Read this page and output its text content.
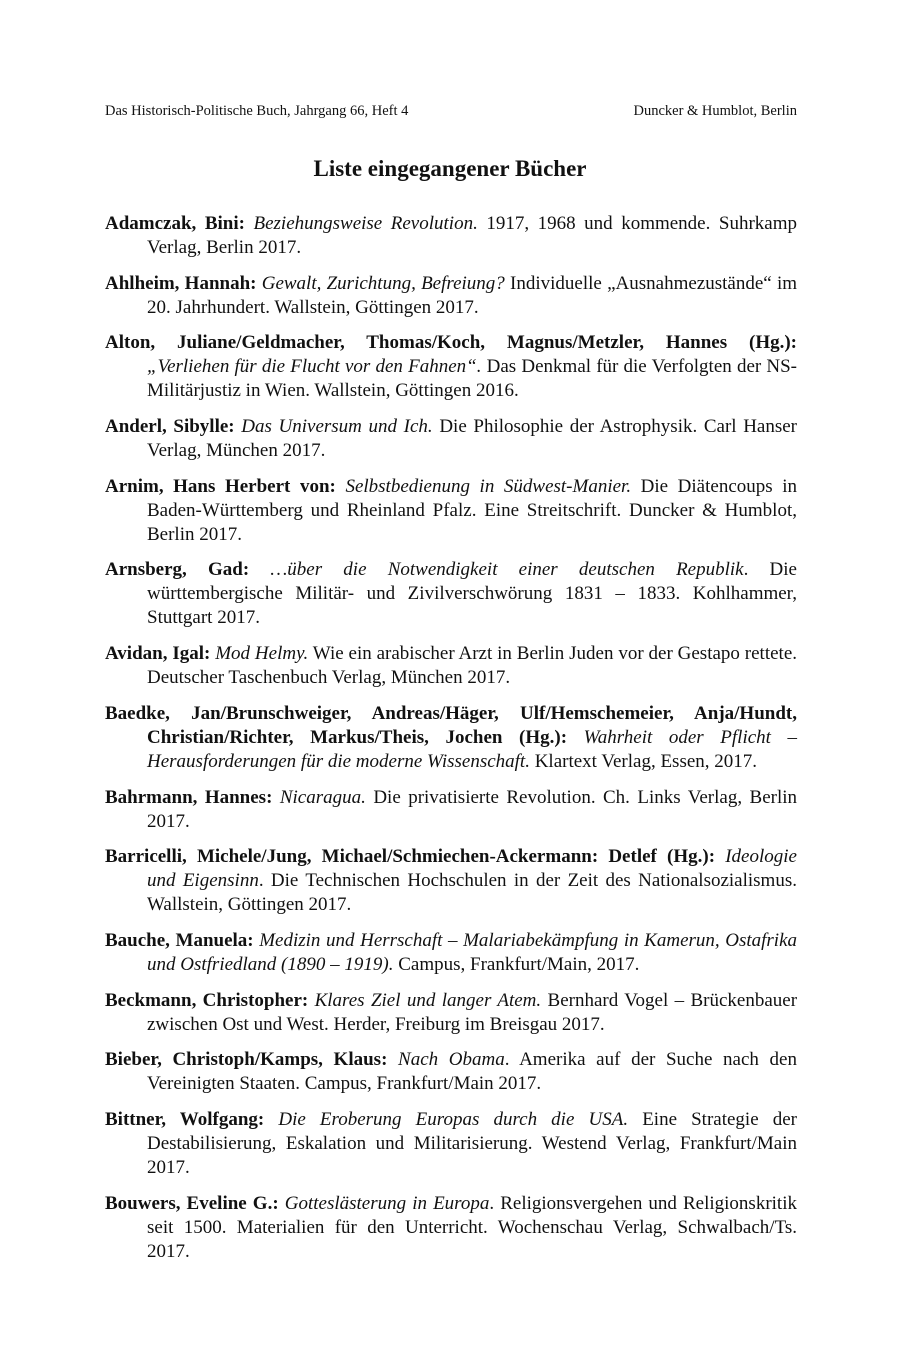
Das Historisch-Politische Buch, Jahrgang 66, Heft 4	Duncker & Humblot, Berlin
Liste eingegangener Bücher

Adamczak, Bini: Beziehungsweise Revolution. 1917, 1968 und kommende. Suhrkamp Verlag, Berlin 2017.

Ahlheim, Hannah: Gewalt, Zurichtung, Befreiung? Individuelle „Ausnahmezustände“ im 20. Jahrhundert. Wallstein, Göttingen 2017.

Alton, Juliane/Geldmacher, Thomas/Koch, Magnus/Metzler, Hannes (Hg.): „Verliehen für die Flucht vor den Fahnen“. Das Denkmal für die Verfolgten der NS-Militärjustiz in Wien. Wallstein, Göttingen 2016.

Anderl, Sibylle: Das Universum und Ich. Die Philosophie der Astrophysik. Carl Hanser Verlag, München 2017.

Arnim, Hans Herbert von: Selbstbedienung in Südwest-Manier. Die Diätencoups in Baden-Württemberg und Rheinland Pfalz. Eine Streitschrift. Duncker & Humblot, Berlin 2017.

Arnsberg, Gad: …über die Notwendigkeit einer deutschen Republik. Die württembergische Militär- und Zivilverschwörung 1831 – 1833. Kohlhammer, Stuttgart 2017.

Avidan, Igal: Mod Helmy. Wie ein arabischer Arzt in Berlin Juden vor der Gestapo rettete. Deutscher Taschenbuch Verlag, München 2017.

Baedke, Jan/Brunschweiger, Andreas/Häger, Ulf/Hemschemeier, Anja/Hundt, Christian/Richter, Markus/Theis, Jochen (Hg.): Wahrheit oder Pflicht – Herausforderungen für die moderne Wissenschaft. Klartext Verlag, Essen, 2017.

Bahrmann, Hannes: Nicaragua. Die privatisierte Revolution. Ch. Links Verlag, Berlin 2017.

Barricelli, Michele/Jung, Michael/Schmiechen-Ackermann: Detlef (Hg.): Ideologie und Eigensinn. Die Technischen Hochschulen in der Zeit des Nationalsozialismus. Wallstein, Göttingen 2017.

Bauche, Manuela: Medizin und Herrschaft – Malariabekämpfung in Kamerun, Ostafrika und Ostfriedland (1890 – 1919). Campus, Frankfurt/Main, 2017.

Beckmann, Christopher: Klares Ziel und langer Atem. Bernhard Vogel – Brückenbauer zwischen Ost und West. Herder, Freiburg im Breisgau 2017.

Bieber, Christoph/Kamps, Klaus: Nach Obama. Amerika auf der Suche nach den Vereinigten Staaten. Campus, Frankfurt/Main 2017.

Bittner, Wolfgang: Die Eroberung Europas durch die USA. Eine Strategie der Destabilisierung, Eskalation und Militarisierung. Westend Verlag, Frankfurt/Main 2017.

Bouwers, Eveline G.: Gotteslästerung in Europa. Religionsvergehen und Religionskritik seit 1500. Materialien für den Unterricht. Wochenschau Verlag, Schwalbach/Ts. 2017.
